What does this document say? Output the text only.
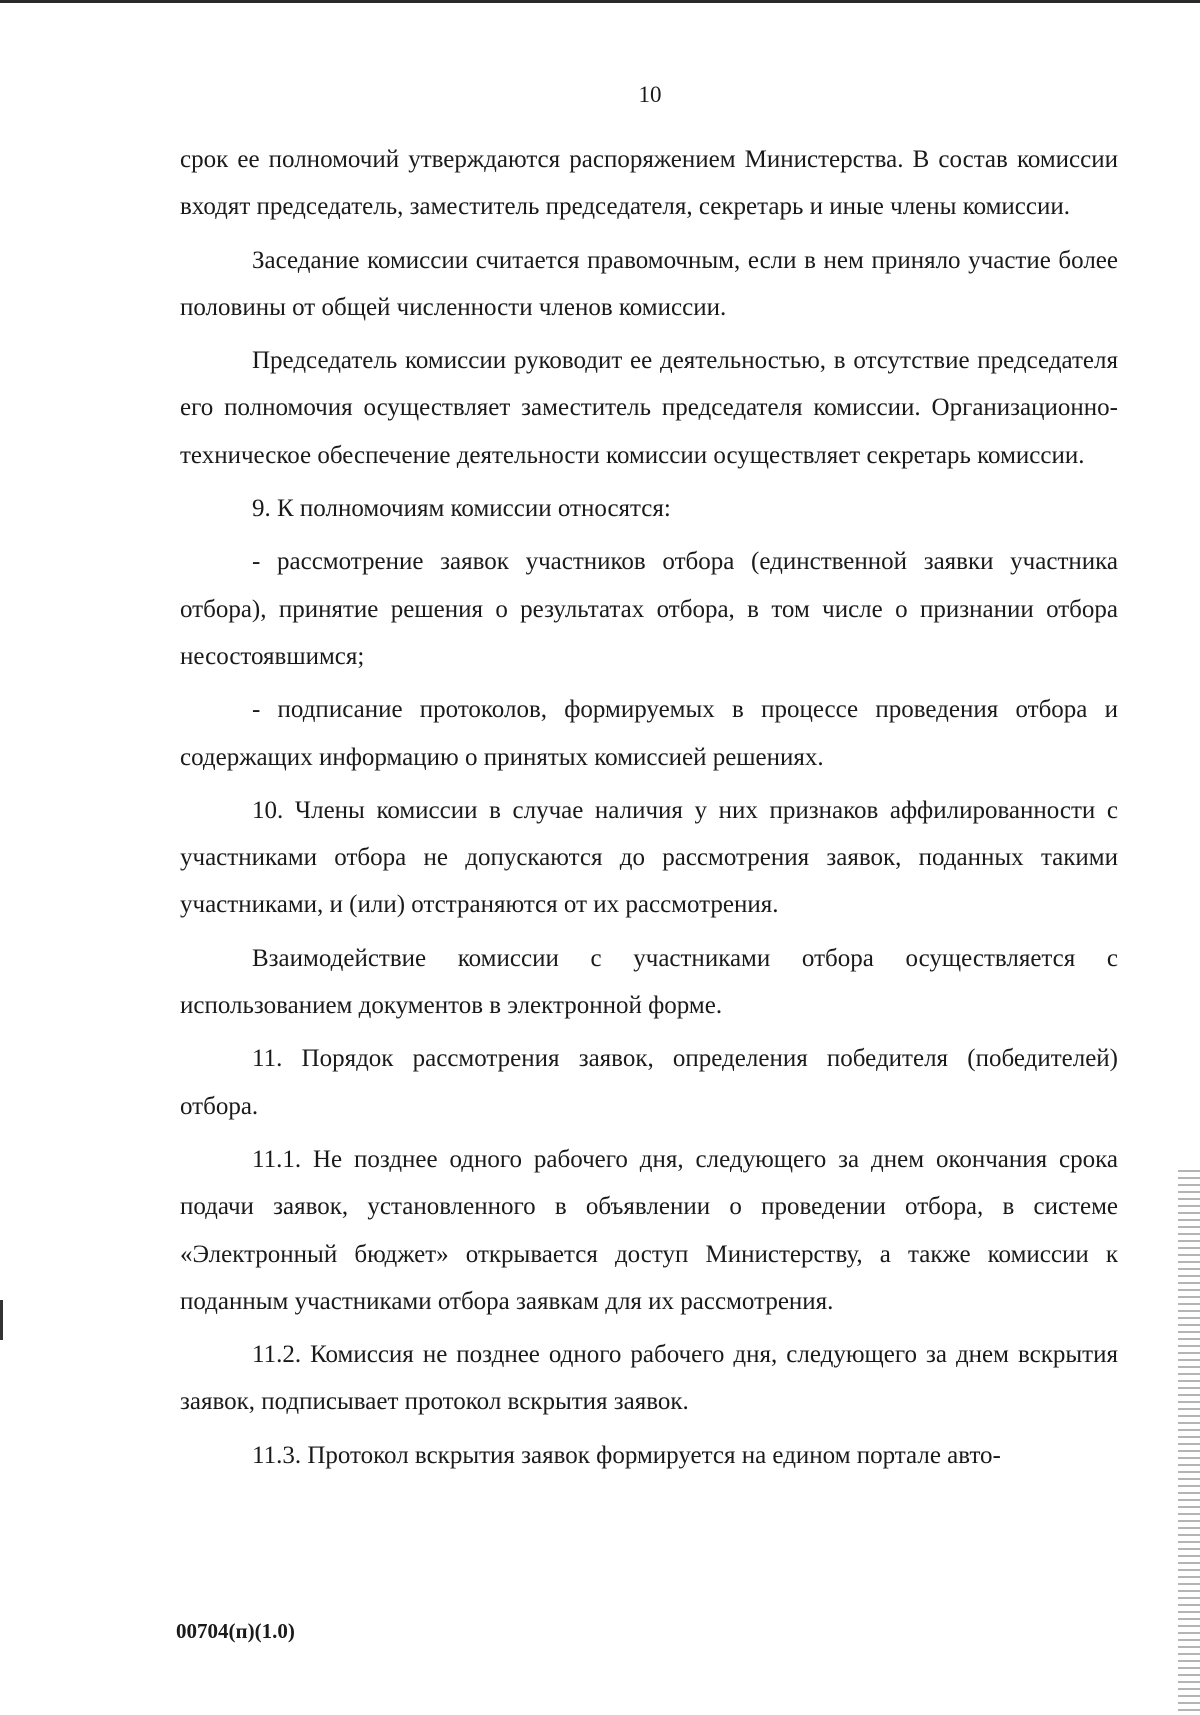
10

срок ее полномочий утверждаются распоряжением Министерства. В состав комиссии входят председатель, заместитель председателя, секретарь и иные члены комиссии.

Заседание комиссии считается правомочным, если в нем приняло участие более половины от общей численности членов комиссии.

Председатель комиссии руководит ее деятельностью, в отсутствие председателя его полномочия осуществляет заместитель председателя комиссии. Организационно-техническое обеспечение деятельности комиссии осуществляет секретарь комиссии.

9. К полномочиям комиссии относятся:

- рассмотрение заявок участников отбора (единственной заявки участника отбора), принятие решения о результатах отбора, в том числе о признании отбора несостоявшимся;

- подписание протоколов, формируемых в процессе проведения отбора и содержащих информацию о принятых комиссией решениях.

10. Члены комиссии в случае наличия у них признаков аффилированности с участниками отбора не допускаются до рассмотрения заявок, поданных такими участниками, и (или) отстраняются от их рассмотрения.

Взаимодействие комиссии с участниками отбора осуществляется с использованием документов в электронной форме.

11. Порядок рассмотрения заявок, определения победителя (победителей) отбора.

11.1. Не позднее одного рабочего дня, следующего за днем окончания срока подачи заявок, установленного в объявлении о проведении отбора, в системе «Электронный бюджет» открывается доступ Министерству, а также комиссии к поданным участниками отбора заявкам для их рассмотрения.

11.2. Комиссия не позднее одного рабочего дня, следующего за днем вскрытия заявок, подписывает протокол вскрытия заявок.

11.3. Протокол вскрытия заявок формируется на едином портале авто-

00704(п)(1.0)
